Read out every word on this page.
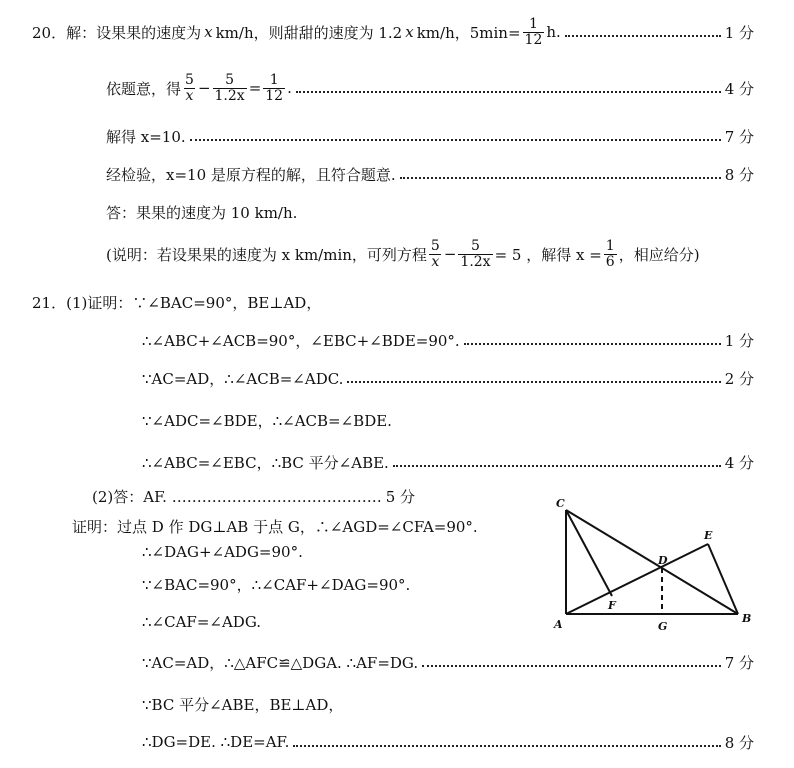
20． 解：设果果的速度为 x km/h，则甜甜的速度为 1.2 x km/h，$5\min= \frac{1}{12} h$.	1 分
依题意，得 $\frac{5}{x} - \frac{5}{1.2x} = \frac{1}{12}$ .	4 分
解得 x=10.	7 分
经检验，x=10 是原方程的解，且符合题意.	8 分
答：果果的速度为 10 km/h.
(说明：若设果果的速度为 x km/min，可列方程 $\frac{5}{x} - \frac{5}{1.2x} = 5$ ，解得 $x = \frac{1}{6}$ ，相应给分)
21．(1)证明：∵∠BAC=90°，BE⊥AD，
∴∠ABC+∠ACB=90°，∠EBC+∠BDE=90°.	1 分
∵AC=AD，∴∠ACB=∠ADC.	2 分
∵∠ADC=∠BDE，∴∠ACB=∠BDE.
∴∠ABC=∠EBC，∴BC 平分∠ABE.	4 分
(2)答：AF. …………………………………… 5 分
证明：过点 D 作 DG⊥AB 于点 G，∴∠AGD=∠CFA=90°.
∴∠DAG+∠ADG=90°.
∵∠BAC=90°，∴∠CAF+∠DAG=90°.
∴∠CAF=∠ADG.
∵AC=AD，∴△AFC≌△DGA. ∴AF=DG.	7 分
∵BC 平分∠ABE，BE⊥AD，
∴DG=DE. ∴DE=AF.	8 分
C
E
D
F
A	G
B
